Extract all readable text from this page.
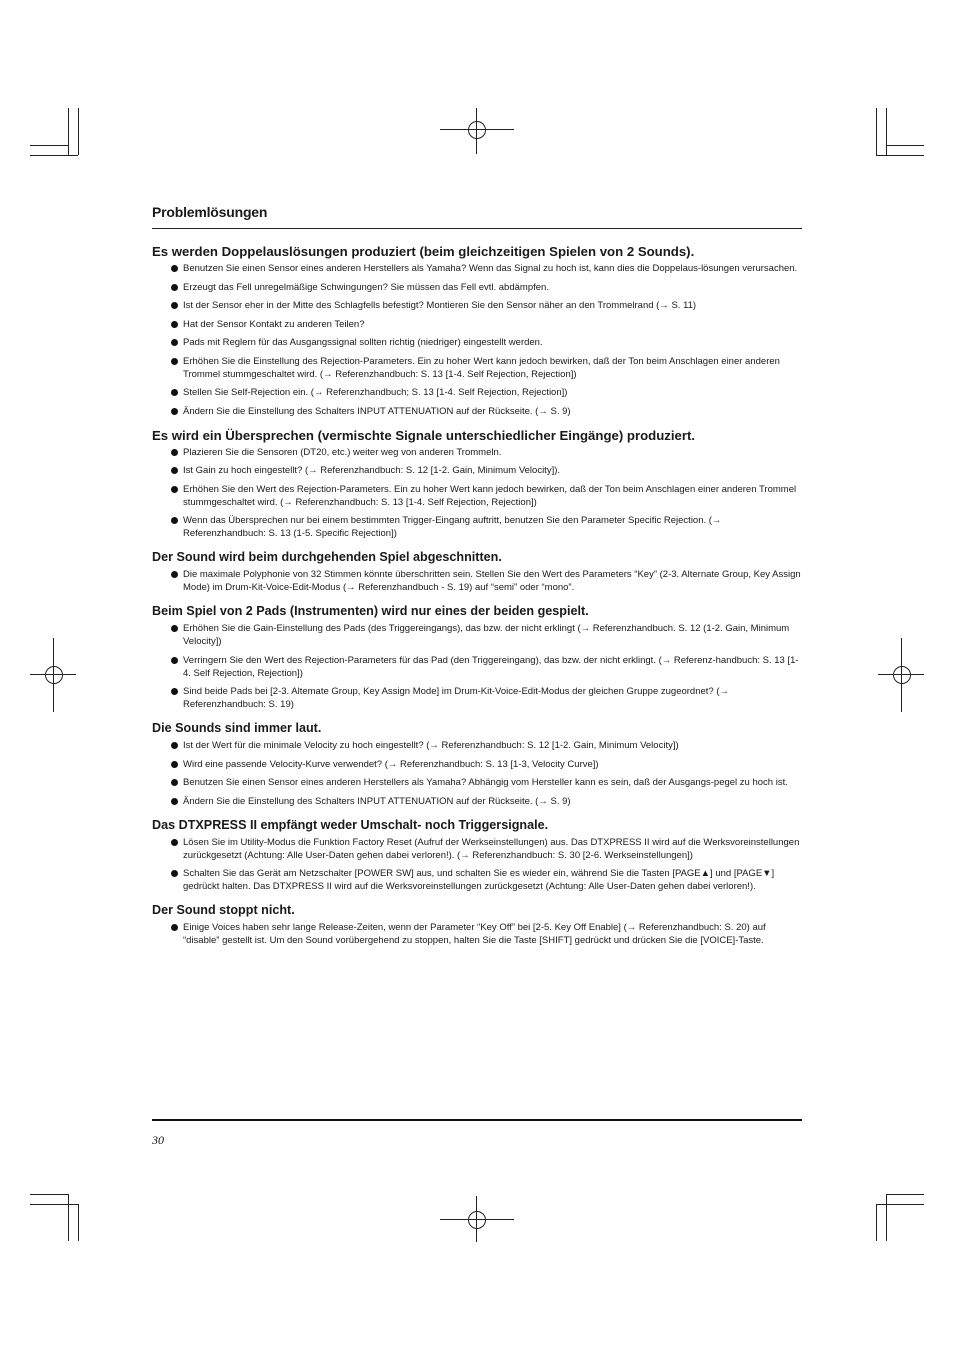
Problemlösungen
Es werden Doppelauslösungen produziert (beim gleichzeitigen Spielen von 2 Sounds).
Benutzen Sie einen Sensor eines anderen Herstellers als Yamaha? Wenn das Signal zu hoch ist, kann dies die Doppelaus-lösungen verursachen.
Erzeugt das Fell unregelmäßige Schwingungen? Sie müssen das Fell evtl. abdämpfen.
Ist der Sensor eher in der Mitte des Schlagfells befestigt? Montieren Sie den Sensor näher an den Trommelrand (→ S. 11)
Hat der Sensor Kontakt zu anderen Teilen?
Pads mit Reglern für das Ausgangssignal sollten richtig (niedriger) eingestellt werden.
Erhöhen Sie die Einstellung des Rejection-Parameters. Ein zu hoher Wert kann jedoch bewirken, daß der Ton beim Anschlagen einer anderen Trommel stummgeschaltet wird. (→ Referenzhandbuch: S. 13 [1-4. Self Rejection, Rejection])
Stellen Sie Self-Rejection ein. (→ Referenzhandbuch; S. 13 [1-4. Self Rejection, Rejection])
Ändern Sie die Einstellung des Schalters INPUT ATTENUATION auf der Rückseite. (→ S. 9)
Es wird ein Übersprechen (vermischte Signale unterschiedlicher Eingänge) produziert.
Plazieren Sie die Sensoren (DT20, etc.) weiter weg von anderen Trommeln.
Ist Gain zu hoch eingestellt? (→ Referenzhandbuch: S. 12 [1-2. Gain, Minimum Velocity]).
Erhöhen Sie den Wert des Rejection-Parameters. Ein zu hoher Wert kann jedoch bewirken, daß der Ton beim Anschlagen einer anderen Trommel stummgeschaltet wird. (→ Referenzhandbuch: S. 13 [1-4. Self Rejection, Rejection])
Wenn das Übersprechen nur bei einem bestimmten Trigger-Eingang auftritt, benutzen Sie den Parameter Specific Rejection. (→ Referenzhandbuch: S. 13 (1-5. Specific Rejection])
Der Sound wird beim durchgehenden Spiel abgeschnitten.
Die maximale Polyphonie von 32 Stimmen könnte überschritten sein. Stellen Sie den Wert des Parameters “Key” (2-3. Alternate Group, Key Assign Mode) im Drum-Kit-Voice-Edit-Modus (→ Referenzhandbuch - S. 19) auf “semi” oder “mono”.
Beim Spiel von 2 Pads (Instrumenten) wird nur eines der beiden gespielt.
Erhöhen Sie die Gain-Einstellung des Pads (des Triggereingangs), das bzw. der nicht erklingt (→ Referenzhandbuch. S. 12 (1-2. Gain, Minimum Velocity])
Verringern Sie den Wert des Rejection-Parameters für das Pad (den Triggereingang), das bzw. der nicht erklingt. (→ Referenz-handbuch: S. 13 [1-4. Self Rejection, Rejection])
Sind beide Pads bei [2-3. Altemate Group, Key Assign Mode] im Drum-Kit-Voice-Edit-Modus der gleichen Gruppe zugeordnet? (→ Referenzhandbuch: S. 19)
Die Sounds sind immer laut.
Ist der Wert für die minimale Velocity zu hoch eingestellt? (→ Referenzhandbuch: S. 12 [1-2. Gain, Minimum Velocity])
Wird eine passende Velocity-Kurve verwendet? (→ Referenzhandbuch: S. 13 [1-3, Velocity Curve])
Benutzen Sie einen Sensor eines anderen Herstellers als Yamaha? Abhängig vom Hersteller kann es sein, daß der Ausgangs-pegel zu hoch ist.
Ändern Sie die Einstellung des Schalters INPUT ATTENUATION auf der Rückseite. (→ S. 9)
Das DTXPRESS II empfängt weder Umschalt- noch Triggersignale.
Lösen Sie im Utility-Modus die Funktion Factory Reset (Aufruf der Werkseinstellungen) aus. Das DTXPRESS II wird auf die Werksvoreinstellungen zurückgesetzt (Achtung: Alle User-Daten gehen dabei verloren!). (→ Referenzhandbuch: S. 30 [2-6. Werkseinstellungen])
Schalten Sie das Gerät am Netzschalter [POWER SW] aus, und schalten Sie es wieder ein, während Sie die Tasten [PAGE▲] und [PAGE▼] gedrückt halten. Das DTXPRESS II wird auf die Werksvoreinstellungen zurückgesetzt (Achtung: Alle User-Daten gehen dabei verloren!).
Der Sound stoppt nicht.
Einige Voices haben sehr lange Release-Zeiten, wenn der Parameter “Key Off” bei [2-5. Key Off Enable] (→ Referenzhandbuch: S. 20) auf “disable” gestellt ist. Um den Sound vorübergehend zu stoppen, halten Sie die Taste [SHIFT] gedrückt und drücken Sie die [VOICE]-Taste.
30
